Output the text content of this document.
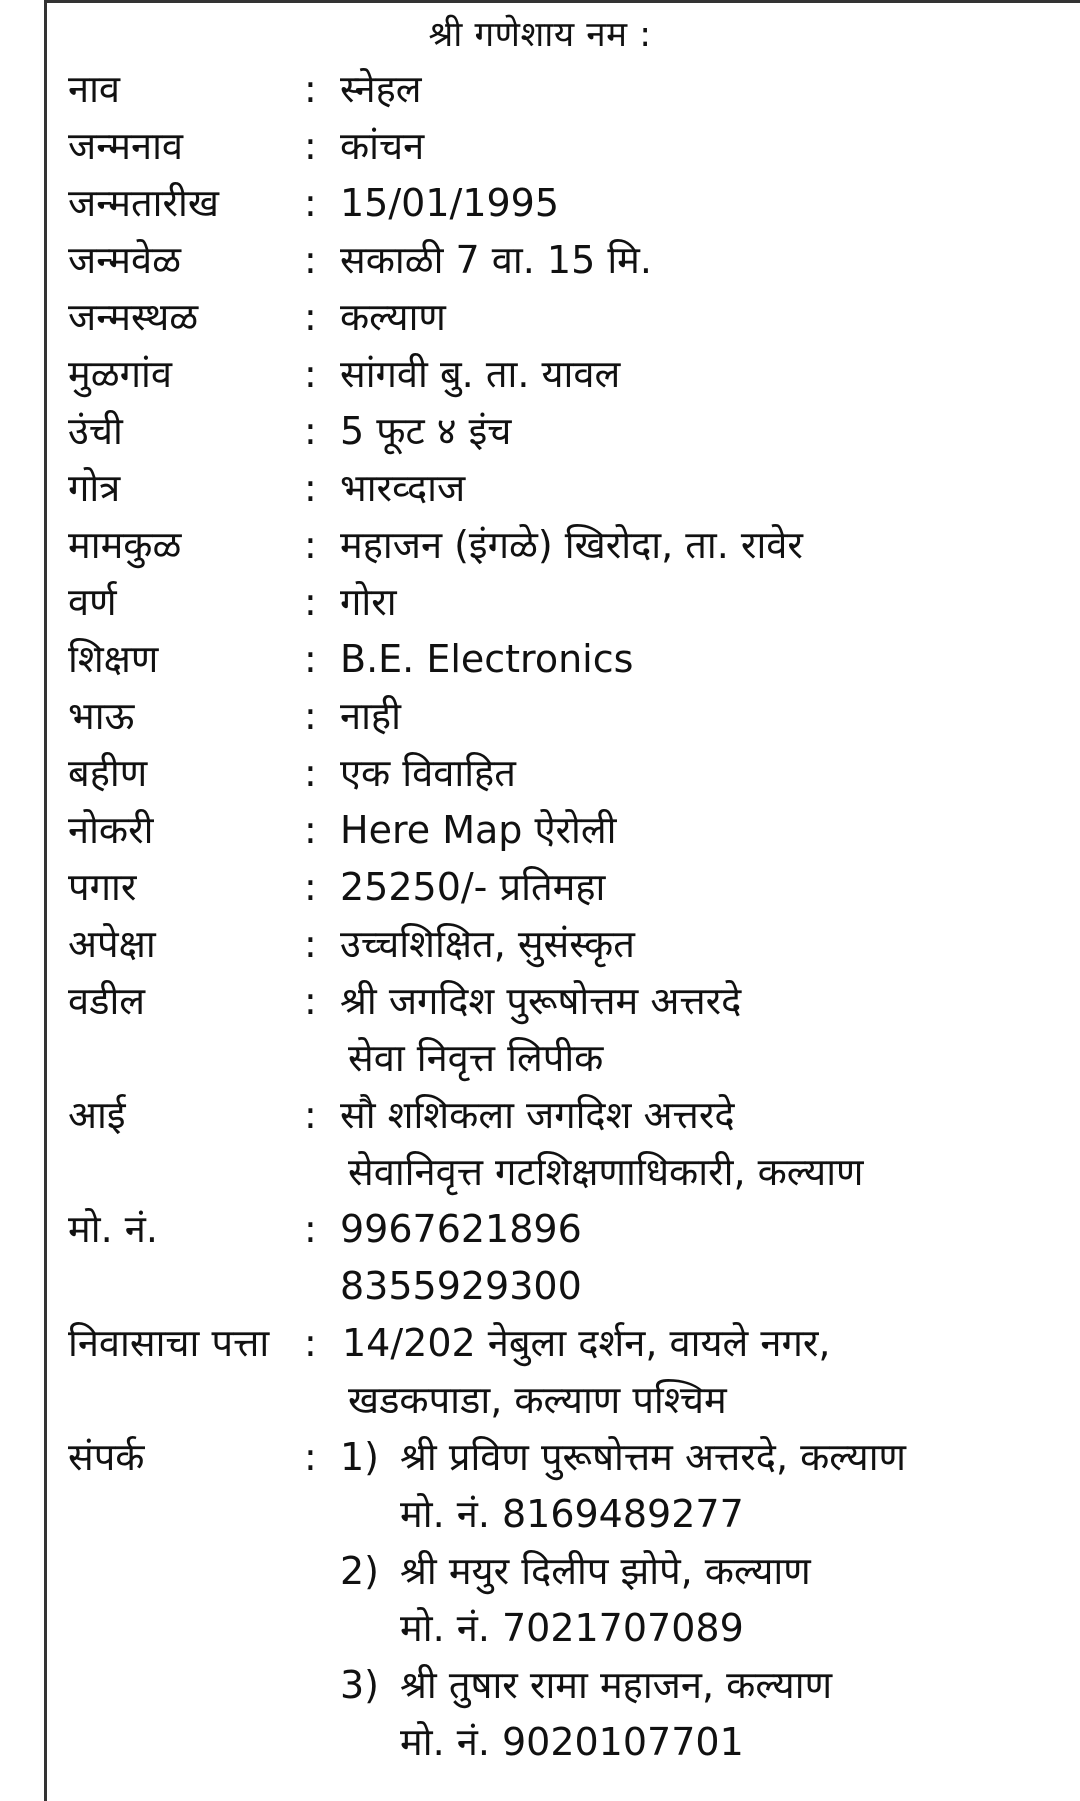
श्री गणेशाय नम :
नाव	: स्नेहल
जन्मनाव	: कांचन
जन्मतारीख : 15/01/1995
जन्मवेळ	: सकाळी 7 वा. 15 मि.
जन्मस्थळ	: कल्याण
मुळगांव	: सांगवी बु. ता. यावल
उंची	: 5 फूट ४ इंच
गोत्र	: भारव्दाज
मामकुळ	: महाजन (इंगळे) खिरोदा, ता. रावेर
वर्ण	: गोरा
शिक्षण	: B.E. Electronics
भाऊ	: नाही
बहीण	: एक विवाहित
नोकरी	: Here Map ऐरोली
पगार	: 25250/- प्रतिमहा
अपेक्षा	: उच्चशिक्षित, सुसंस्कृत
वडील	: श्री जगदिश पुरूषोत्तम अत्तरदे
सेवा निवृत्त लिपीक
आई	: सौ शशिकला जगदिश अत्तरदे
सेवानिवृत्त गटशिक्षणाधिकारी, कल्याण
मो. नं.	: 9967621896
8355929300
निवासाचा पत्ता : 14/202 नेबुला दर्शन, वायले नगर,
खडकपाडा, कल्याण पश्चिम
संपर्क	: 1) श्री प्रविण पुरूषोत्तम अत्तरदे, कल्याण
मो. नं. 8169489277
2) श्री मयुर दिलीप झोपे, कल्याण
मो. नं. 7021707089
3) श्री तुषार रामा महाजन, कल्याण
मो. नं. 9020107701
